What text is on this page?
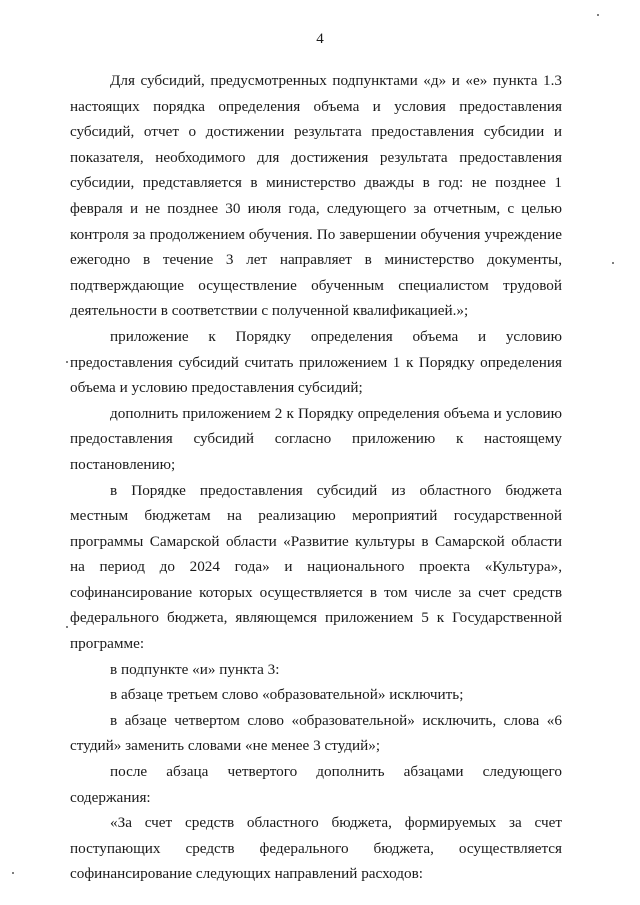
4

Для субсидий, предусмотренных подпунктами «д» и «е» пункта 1.3 настоящих порядка определения объема и условия предоставления субсидий, отчет о достижении результата предоставления субсидии и показателя, необходимого для достижения результата предоставления субсидии, представляется в министерство дважды в год: не позднее 1 февраля и не позднее 30 июля года, следующего за отчетным, с целью контроля за продолжением обучения. По завершении обучения учреждение ежегодно в течение 3 лет направляет в министерство документы, подтверждающие осуществление обученным специалистом трудовой деятельности в соответствии с полученной квалификацией.»;

приложение к Порядку определения объема и условию предоставления субсидий считать приложением 1 к Порядку определения объема и условию предоставления субсидий;

дополнить приложением 2 к Порядку определения объема и условию предоставления субсидий согласно приложению к настоящему постановлению;

в Порядке предоставления субсидий из областного бюджета местным бюджетам на реализацию мероприятий государственной программы Самарской области «Развитие культуры в Самарской области на период до 2024 года» и национального проекта «Культура», софинансирование которых осуществляется в том числе за счет средств федерального бюджета, являющемся приложением 5 к Государственной программе:

в подпункте «и» пункта 3:

в абзаце третьем слово «образовательной» исключить;

в абзаце четвертом слово «образовательной» исключить, слова «6 студий» заменить словами «не менее 3 студий»;

после абзаца четвертого дополнить абзацами следующего содержания:

«За счет средств областного бюджета, формируемых за счет поступающих средств федерального бюджета, осуществляется софинансирование следующих направлений расходов:
